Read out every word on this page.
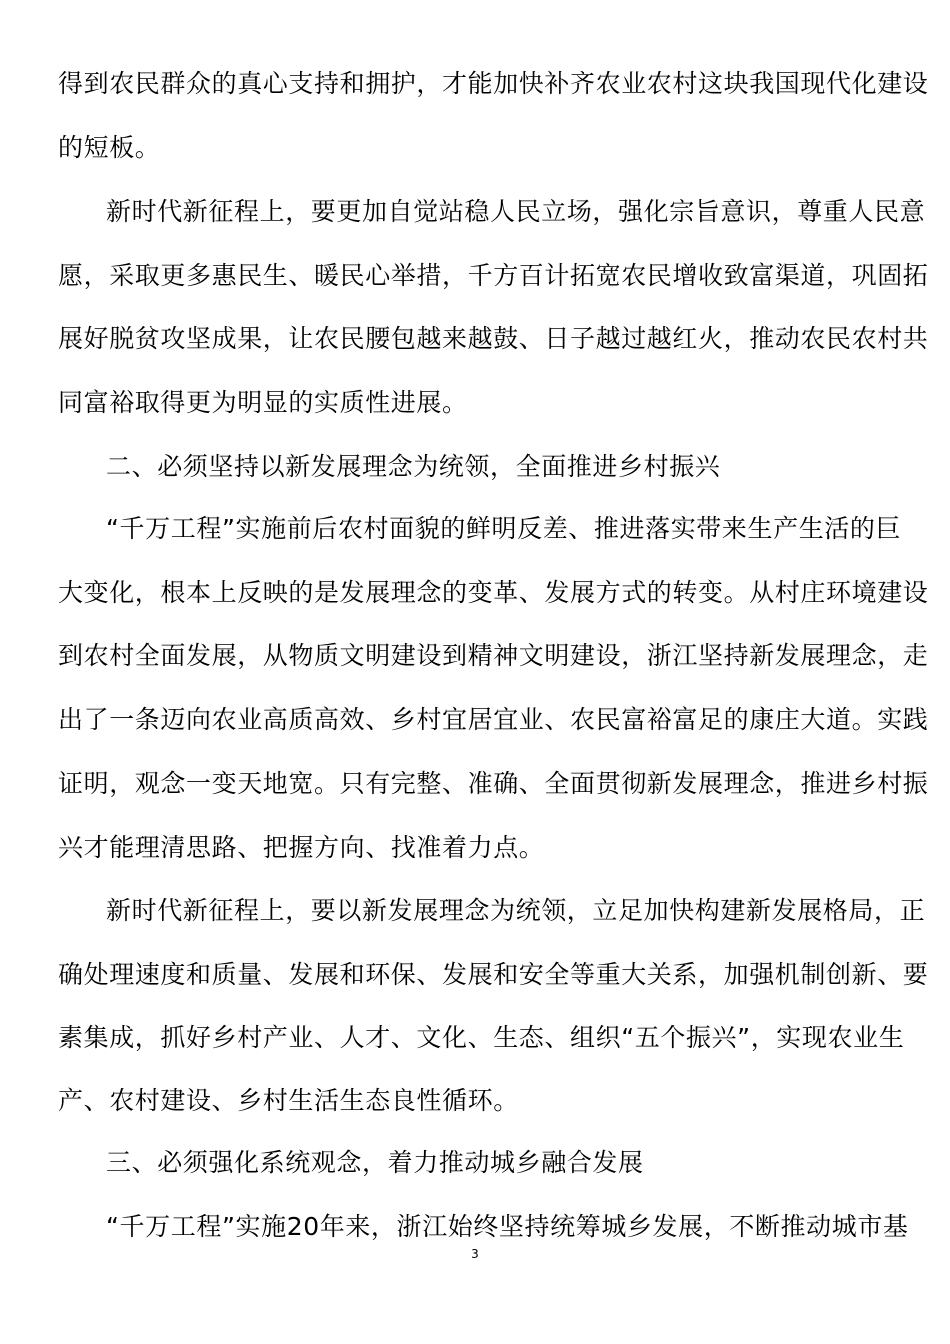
得到农民群众的真心支持和拥护，才能加快补齐农业农村这块我国现代化建设
的短板。
新时代新征程上，要更加自觉站稳人民立场，强化宗旨意识，尊重人民意
愿，采取更多惠民生、暖民心举措，千方百计拓宽农民增收致富渠道，巩固拓
展好脱贫攻坚成果，让农民腰包越来越鼓、日子越过越红火，推动农民农村共
同富裕取得更为明显的实质性进展。
二、必须坚持以新发展理念为统领，全面推进乡村振兴
“千万工程”实施前后农村面貌的鲜明反差、推进落实带来生产生活的巨
大变化，根本上反映的是发展理念的变革、发展方式的转变。从村庄环境建设
到农村全面发展，从物质文明建设到精神文明建设，浙江坚持新发展理念，走
出了一条迈向农业高质高效、乡村宜居宜业、农民富裕富足的康庄大道。实践
证明，观念一变天地宽。只有完整、准确、全面贯彻新发展理念，推进乡村振
兴才能理清思路、把握方向、找准着力点。
新时代新征程上，要以新发展理念为统领，立足加快构建新发展格局，正
确处理速度和质量、发展和环保、发展和安全等重大关系，加强机制创新、要
素集成，抓好乡村产业、人才、文化、生态、组织“五个振兴”，实现农业生
产、农村建设、乡村生活生态良性循环。
三、必须强化系统观念，着力推动城乡融合发展
“千万工程”实施20年来，浙江始终坚持统筹城乡发展，不断推动城市基
3
